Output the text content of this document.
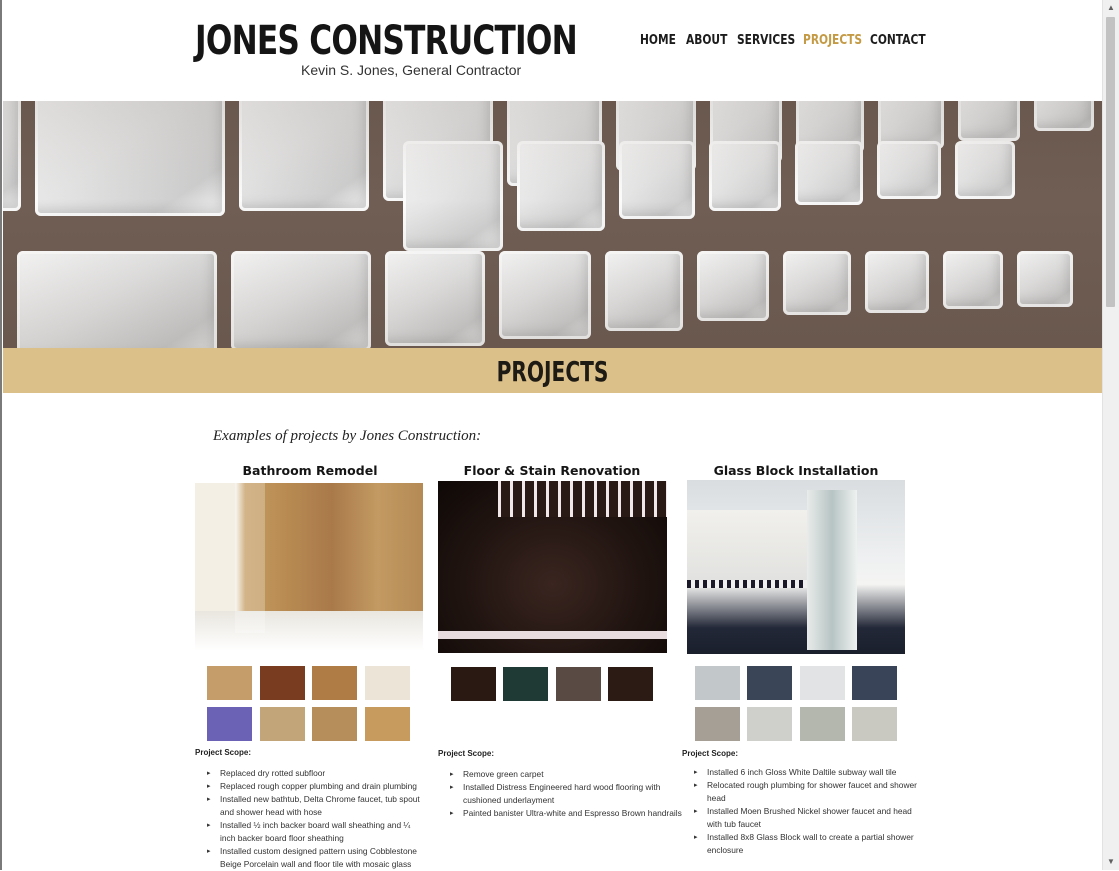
JONES CONSTRUCTION
Kevin S. Jones, General Contractor
HOME ABOUT SERVICES PROJECTS CONTACT
PROJECTS
Examples of projects by Jones Construction:
Bathroom Remodel
Project Scope:
▸ Replaced dry rotted subfloor
▸ Replaced rough copper plumbing and drain plumbing
▸ Installed new bathtub, Delta Chrome faucet, tub spout and shower head with hose
▸ Installed ½ inch backer board wall sheathing and ¼ inch backer board floor sheathing
▸ Installed custom designed pattern using Cobblestone Beige Porcelain wall and floor tile with mosaic glass
Floor & Stain Renovation
Project Scope:
▸ Remove green carpet
▸ Installed Distress Engineered hard wood flooring with cushioned underlayment
▸ Painted banister Ultra-white and Espresso Brown handrails
Glass Block Installation
Project Scope:
▸ Installed 6 inch Gloss White Daltile subway wall tile
▸ Relocated rough plumbing for shower faucet and shower head
▸ Installed Moen Brushed Nickel shower faucet and head with tub faucet
▸ Installed 8x8 Glass Block wall to create a partial shower enclosure
▲
▼
